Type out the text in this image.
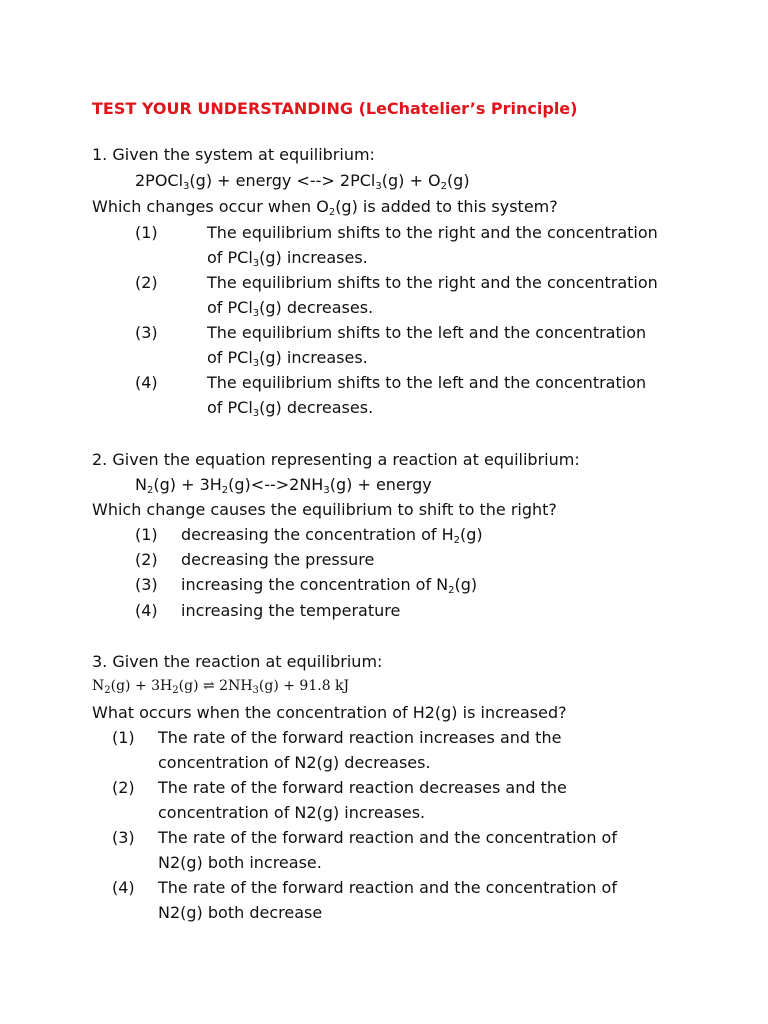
TEST YOUR UNDERSTANDING (LeChatelier’s Principle)
1. Given the system at equilibrium:
2POCl$_3$(g) + energy <--> $2PCl_3(g) + O_2(g)$
Which changes occur when $O_2(g)$ is added to this system?
(1)	The equilibrium shifts to the right and the concentration
of PCl$_3$(g) increases.
(2)	The equilibrium shifts to the right and the concentration
of PCl$_3$(g) decreases.
(3)	The equilibrium shifts to the left and the concentration
of PCl$_3$(g) increases.
(4)	The equilibrium shifts to the left and the concentration
of PCl$_3$(g) decreases.
2. Given the equation representing a reaction at equilibrium:
$N_2(g) + 3H_2(g)<-->2NH_3(g)$ + energy
Which change causes the equilibrium to shift to the right?
(1) decreasing the concentration of $H_2(g)$
(2) decreasing the pressure
(3) increasing the concentration of $N_2(g)$
(4) increasing the temperature
3. Given the reaction at equilibrium:
$N_2(g) + 3H_2(g)$ ⇌ $2NH_3(g) + 91.8$ kJ
What occurs when the concentration of H2(g) is increased?
(1) The rate of the forward reaction increases and the
concentration of N2(g) decreases.
(2) The rate of the forward reaction decreases and the
concentration of N2(g) increases.
(3) The rate of the forward reaction and the concentration of
N2(g) both increase.
(4) The rate of the forward reaction and the concentration of
N2(g) both decrease
